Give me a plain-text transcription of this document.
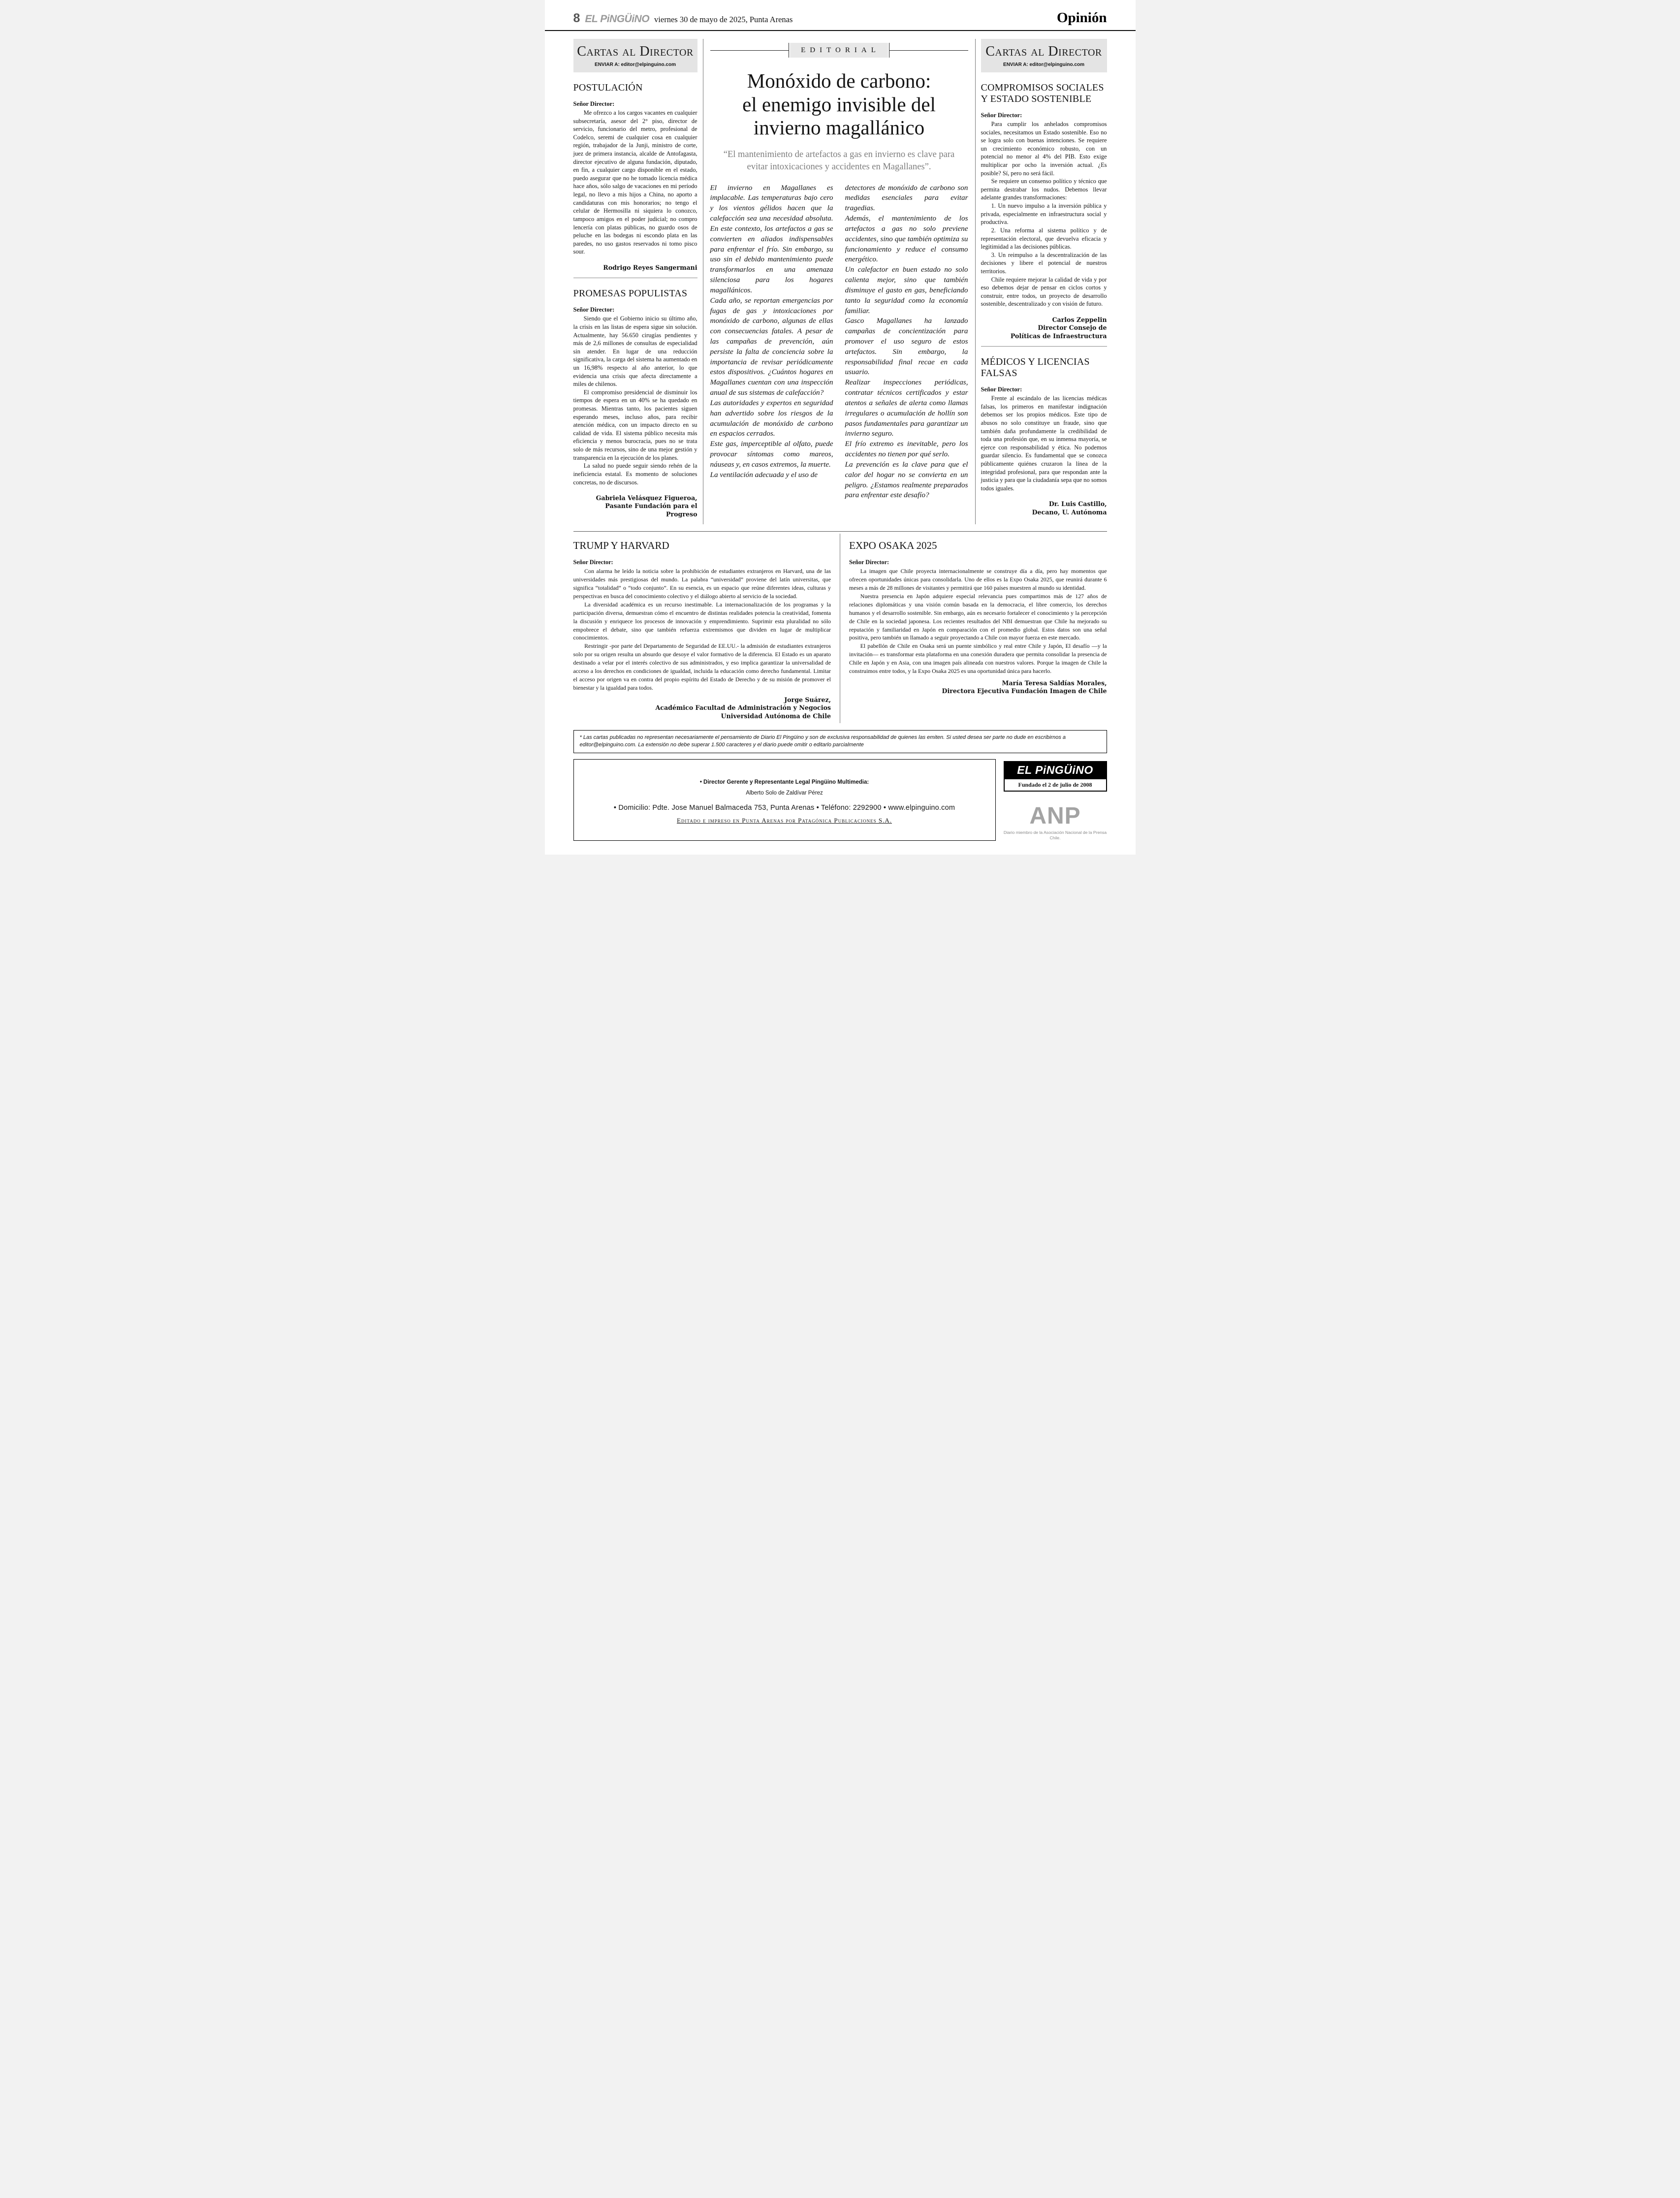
8 EL PiNGÜiNO viernes 30 de mayo de 2025, Punta Arenas	Opinión
Cartas al Director
ENVIAR A: editor@elpinguino.com
POSTULACIÓN
Señor Director:

Me ofrezco a los cargos vacantes en cualquier subsecretaría, asesor del 2° piso, director de servicio, funcionario del metro, profesional de Codelco, seremi de cualquier cosa en cualquier región, trabajador de la Junji, ministro de corte, juez de primera instancia, alcalde de Antofagasta, director ejecutivo de alguna fundación, diputado, en fin, a cualquier cargo disponible en el estado, puedo asegurar que no he tomado licencia médica hace años, sólo salgo de vacaciones en mi período legal, no llevo a mis hijos a China, no aporto a candidaturas con mis honorarios; no tengo el celular de Hermosilla ni siquiera lo conozco, tampoco amigos en el poder judicial; no compro lencería con platas públicas, no guardo osos de peluche en las bodegas ni escondo plata en las paredes, no uso gastos reservados ni tomo pisco sour.

Rodrigo Reyes Sangermani
PROMESAS POPULISTAS
Señor Director:

Siendo que el Gobierno inicio su último año, la crisis en las listas de espera sigue sin solución. Actualmente, hay 56.650 cirugías pendientes y más de 2,6 millones de consultas de especialidad sin atender. En lugar de una reducción significativa, la carga del sistema ha aumentado en un 16,98% respecto al año anterior, lo que evidencia una crisis que afecta directamente a miles de chilenos.

El compromiso presidencial de disminuir los tiempos de espera en un 40% se ha quedado en promesas. Mientras tanto, los pacientes siguen esperando meses, incluso años, para recibir atención médica, con un impacto directo en su calidad de vida. El sistema público necesita más eficiencia y menos burocracia, pues no se trata solo de más recursos, sino de una mejor gestión y transparencia en la ejecución de los planes.

La salud no puede seguir siendo rehén de la ineficiencia estatal. Es momento de soluciones concretas, no de discursos.

Gabriela Velásquez Figueroa,
Pasante Fundación para el Progreso
EDITORIAL
Monóxido de carbono:
el enemigo invisible del
invierno magallánico
“El mantenimiento de artefactos a gas en invierno es clave para evitar intoxicaciones y accidentes en Magallanes”.

El invierno en Magallanes es implacable. Las temperaturas bajo cero y los vientos gélidos hacen que la calefacción sea una necesidad absoluta. En este contexto, los artefactos a gas se convierten en aliados indispensables para enfrentar el frío. Sin embargo, su uso sin el debido mantenimiento puede transformarlos en una amenaza silenciosa para los hogares magallánicos.

Cada año, se reportan emergencias por fugas de gas y intoxicaciones por monóxido de carbono, algunas de ellas con consecuencias fatales. A pesar de las campañas de prevención, aún persiste la falta de conciencia sobre la importancia de revisar periódicamente estos dispositivos. ¿Cuántos hogares en Magallanes cuentan con una inspección anual de sus sistemas de calefacción?

Las autoridades y expertos en seguridad han advertido sobre los riesgos de la acumulación de monóxido de carbono en espacios cerrados.

Este gas, imperceptible al olfato, puede provocar síntomas como mareos, náuseas y, en casos extremos, la muerte.

La ventilación adecuada y el uso de

detectores de monóxido de carbono son medidas esenciales para evitar tragedias.

Además, el mantenimiento de los artefactos a gas no solo previene accidentes, sino que también optimiza su funcionamiento y reduce el consumo energético.

Un calefactor en buen estado no solo calienta mejor, sino que también disminuye el gasto en gas, beneficiando tanto la seguridad como la economía familiar.

Gasco Magallanes ha lanzado campañas de concientización para promover el uso seguro de estos artefactos. Sin embargo, la responsabilidad final recae en cada usuario.

Realizar inspecciones periódicas, contratar técnicos certificados y estar atentos a señales de alerta como llamas irregulares o acumulación de hollín son pasos fundamentales para garantizar un invierno seguro.

El frío extremo es inevitable, pero los accidentes no tienen por qué serlo.

La prevención es la clave para que el calor del hogar no se convierta en un peligro. ¿Estamos realmente preparados para enfrentar este desafío?

Cartas al Director
ENVIAR A: editor@elpinguino.com
COMPROMISOS SOCIALES Y ESTADO SOSTENIBLE
Señor Director:

Para cumplir los anhelados compromisos sociales, necesitamos un Estado sostenible. Eso no se logra solo con buenas intenciones. Se requiere un crecimiento económico robusto, con un potencial no menor al 4% del PIB. Esto exige multiplicar por ocho la inversión actual. ¿Es posible? Sí, pero no será fácil.

Se requiere un consenso político y técnico que permita destrabar los nudos. Debemos llevar adelante grandes transformaciones:

1. Un nuevo impulso a la inversión pública y privada, especialmente en infraestructura social y productiva.

2. Una reforma al sistema político y de representación electoral, que devuelva eficacia y legitimidad a las decisiones públicas.

3. Un reimpulso a la descentralización de las decisiones y libere el potencial de nuestros territorios.

Chile requiere mejorar la calidad de vida y por eso debemos dejar de pensar en ciclos cortos y construir, entre todos, un proyecto de desarrollo sostenible, descentralizado y con visión de futuro.

Carlos Zeppelin
Director Consejo de
Políticas de Infraestructura
MÉDICOS Y LICENCIAS FALSAS
Señor Director:

Frente al escándalo de las licencias médicas falsas, los primeros en manifestar indignación debemos ser los propios médicos. Este tipo de abusos no solo constituye un fraude, sino que también daña profundamente la credibilidad de toda una profesión que, en su inmensa mayoría, se ejerce con responsabilidad y ética. No podemos guardar silencio. Es fundamental que se conozca públicamente quiénes cruzaron la línea de la integridad profesional, para que respondan ante la justicia y para que la ciudadanía sepa que no somos todos iguales.

Dr. Luis Castillo,
Decano, U. Autónoma
TRUMP Y HARVARD
Señor Director:

Con alarma he leído la noticia sobre la prohibición de estudiantes extranjeros en Harvard, una de las universidades más prestigiosas del mundo. La palabra “universidad” proviene del latín universitas, que significa “totalidad” o “todo conjunto”. En su esencia, es un espacio que reúne diferentes ideas, culturas y perspectivas en busca del conocimiento colectivo y el diálogo abierto al servicio de la sociedad.

La diversidad académica es un recurso inestimable. La internacionalización de los programas y la participación diversa, demuestran cómo el encuentro de distintas realidades potencia la creatividad, fomenta la discusión y enriquece los procesos de innovación y emprendimiento. Suprimir esta pluralidad no sólo empobrece el debate, sino que también refuerza extremismos que dividen en lugar de multiplicar conocimientos.

Restringir -por parte del Departamento de Seguridad de EE.UU.- la admisión de estudiantes extranjeros solo por su origen resulta un absurdo que desoye el valor formativo de la diferencia. El Estado es un aparato destinado a velar por el interés colectivo de sus administrados, y eso implica garantizar la universalidad de acceso a los derechos en condiciones de igualdad, incluida la educación como derecho fundamental. Limitar el acceso por origen va en contra del propio espíritu del Estado de Derecho y de su misión de promover el bienestar y la igualdad para todos.

Jorge Suárez,
Académico Facultad de Administración y Negocios
Universidad Autónoma de Chile
EXPO OSAKA 2025
Señor Director:

La imagen que Chile proyecta internacionalmente se construye día a día, pero hay momentos que ofrecen oportunidades únicas para consolidarla. Uno de ellos es la Expo Osaka 2025, que reunirá durante 6 meses a más de 28 millones de visitantes y permitirá que 160 países muestren al mundo su identidad.

Nuestra presencia en Japón adquiere especial relevancia pues compartimos más de 127 años de relaciones diplomáticas y una visión común basada en la democracia, el libre comercio, los derechos humanos y el desarrollo sostenible. Sin embargo, aún es necesario fortalecer el conocimiento y la percepción de Chile en la sociedad japonesa. Los recientes resultados del NBI demuestran que Chile ha mejorado su reputación y familiaridad en Japón en comparación con el promedio global. Estos datos son una señal positiva, pero también un llamado a seguir proyectando a Chile con mayor fuerza en este mercado.

El pabellón de Chile en Osaka será un puente simbólico y real entre Chile y Japón, El desafío —y la invitación— es transformar esta plataforma en una conexión duradera que permita consolidar la presencia de Chile en Japón y en Asia, con una imagen país alineada con nuestros valores. Porque la imagen de Chile la construimos entre todos, y la Expo Osaka 2025 es una oportunidad única para hacerlo.

María Teresa Saldías Morales,
Directora Ejecutiva Fundación Imagen de Chile
* Las cartas publicadas no representan necesariamente el pensamiento de Diario El Pingüino y son de exclusiva responsabilidad de quienes las emiten. Si usted desea ser parte no dude en escribirnos a editor@elpinguino.com. La extensión no debe superar 1.500 caracteres y el diario puede omitir o editarlo parcialmente
• Director Gerente y Representante Legal Pingüino Multimedia:
Alberto Solo de Zaldívar Pérez
• Domicilio: Pdte. Jose Manuel Balmaceda 753, Punta Arenas • Teléfono: 2292900 • www.elpinguino.com
Editado e impreso en Punta Arenas por Patagónica Publicaciones S.A.
EL PiNGÜiNO
Fundado el 2 de julio de 2008
ANP
Diario miembro de la Asociación Nacional de la Prensa Chile.
